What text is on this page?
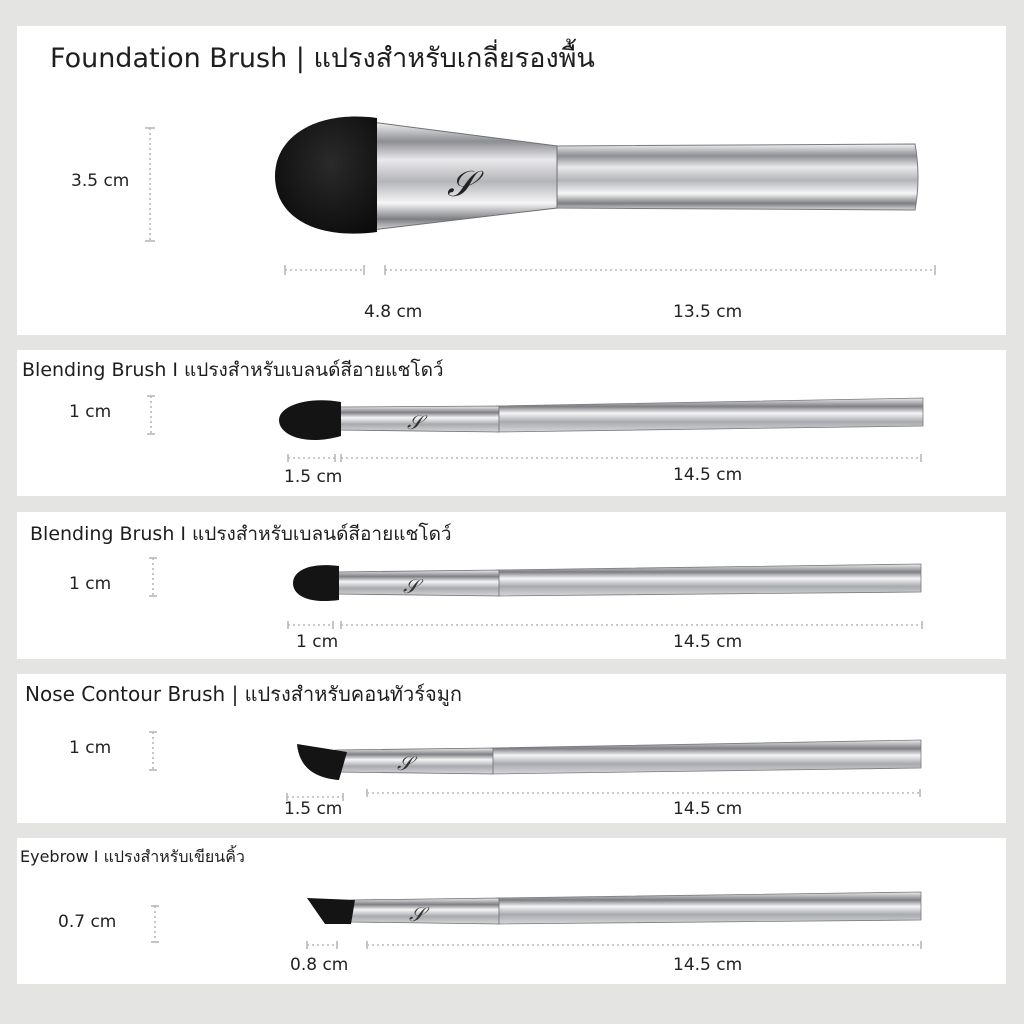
Foundation Brush | แปรงสำหรับเกลี่ยรองพื้น
3.5 cm
4.8 cm	13.5 cm
𝒮
Blending Brush I แปรงสำหรับเบลนด์สีอายแชโดว์
1 cm
1.5 cm	14.5 cm
𝒮
Blending Brush I แปรงสำหรับเบลนด์สีอายแชโดว์
1 cm
1 cm	14.5 cm
𝒮
Nose Contour Brush | แปรงสำหรับคอนทัวร์จมูก
1 cm
1.5 cm	14.5 cm
𝒮
Eyebrow I แปรงสำหรับเขียนคิ้ว
0.7 cm
0.8 cm	14.5 cm
𝒮
